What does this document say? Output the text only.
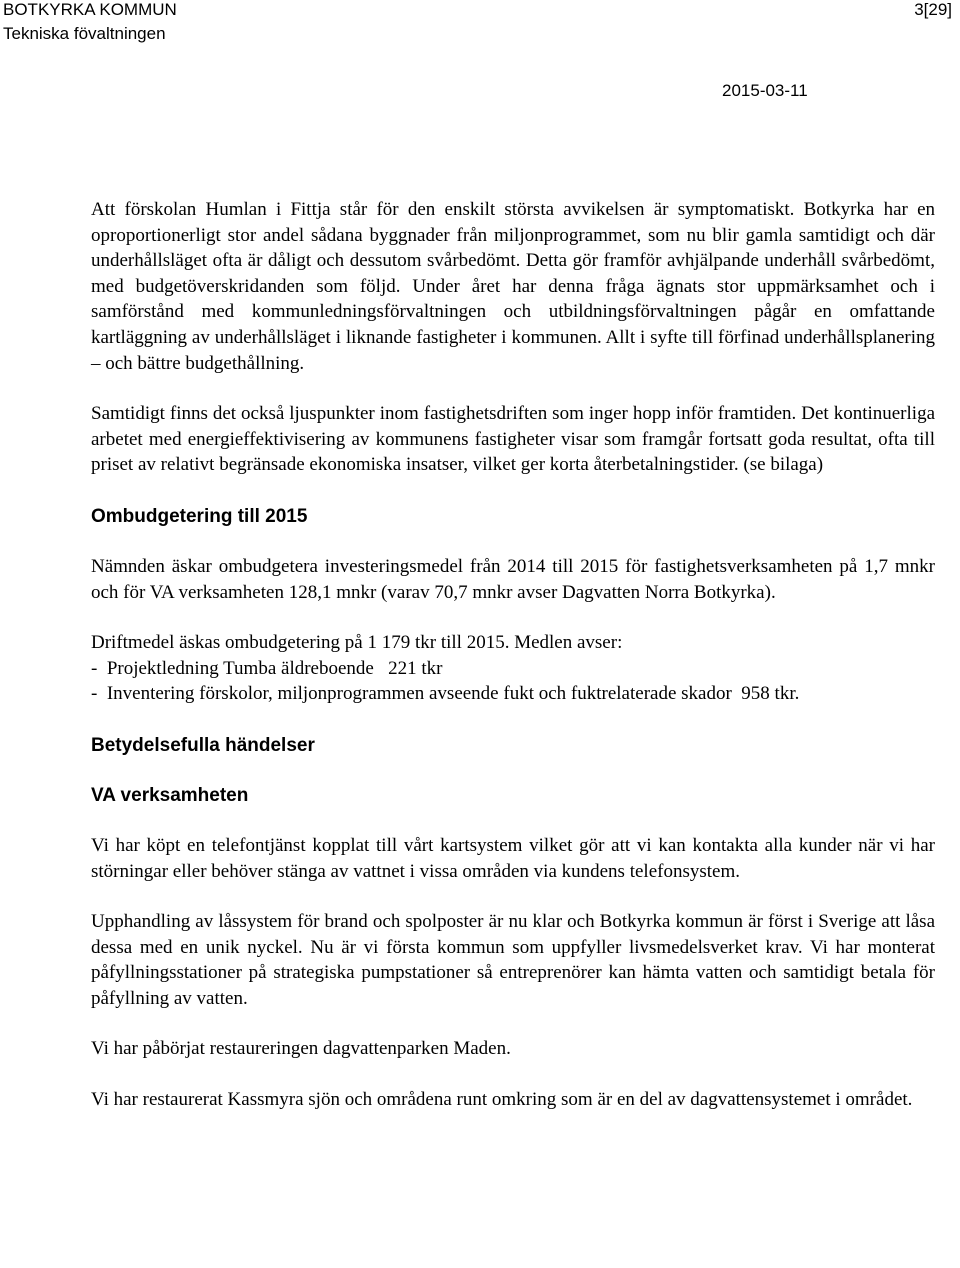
BOTKYRKA KOMMUN
Tekniska fövaltningen
3[29]
2015-03-11

Att förskolan Humlan i Fittja står för den enskilt största avvikelsen är symptomatiskt. Botkyrka har en oproportionerligt stor andel sådana byggnader från miljonprogrammet, som nu blir gamla samtidigt och där underhållsläget ofta är dåligt och dessutom svårbedömt. Detta gör framför avhjälpande underhåll svårbedömt, med budgetöverskridanden som följd. Under året har denna fråga ägnats stor uppmärksamhet och i samförstånd med kommunledningsförvaltningen och utbildningsförvaltningen pågår en omfattande kartläggning av underhållsläget i liknande fastigheter i kommunen. Allt i syfte till förfinad underhållsplanering – och bättre budgethållning.

Samtidigt finns det också ljuspunkter inom fastighetsdriften som inger hopp inför framtiden. Det kontinuerliga arbetet med energieffektivisering av kommunens fastigheter visar som framgår fortsatt goda resultat, ofta till priset av relativt begränsade ekonomiska insatser, vilket ger korta återbetalningstider. (se bilaga)

Ombudgetering till 2015

Nämnden äskar ombudgetera investeringsmedel från 2014 till 2015 för fastighetsverksamheten på 1,7 mnkr och för VA verksamheten 128,1 mnkr (varav 70,7 mnkr avser Dagvatten Norra Botkyrka).

Driftmedel äskas ombudgetering på 1 179 tkr till 2015. Medlen avser:

-  Projektledning Tumba äldreboende   221 tkr
-  Inventering förskolor, miljonprogrammen avseende fukt och fuktrelaterade skador  958 tkr.
Betydelsefulla händelser
VA verksamheten

Vi har köpt en telefontjänst kopplat till vårt kartsystem vilket gör att vi kan kontakta alla kunder när vi har störningar eller behöver stänga av vattnet i vissa områden via kundens telefonsystem.

Upphandling av låssystem för brand och spolposter är nu klar och Botkyrka kommun är först i Sverige att låsa dessa med en unik nyckel. Nu är vi första kommun som uppfyller livsmedelsverket krav. Vi har monterat påfyllningsstationer på strategiska pumpstationer så entreprenörer kan hämta vatten och samtidigt betala för påfyllning av vatten.

Vi har påbörjat restaureringen dagvattenparken Maden.

Vi har restaurerat Kassmyra sjön och områdena runt omkring som är en del av dagvattensystemet i området.
